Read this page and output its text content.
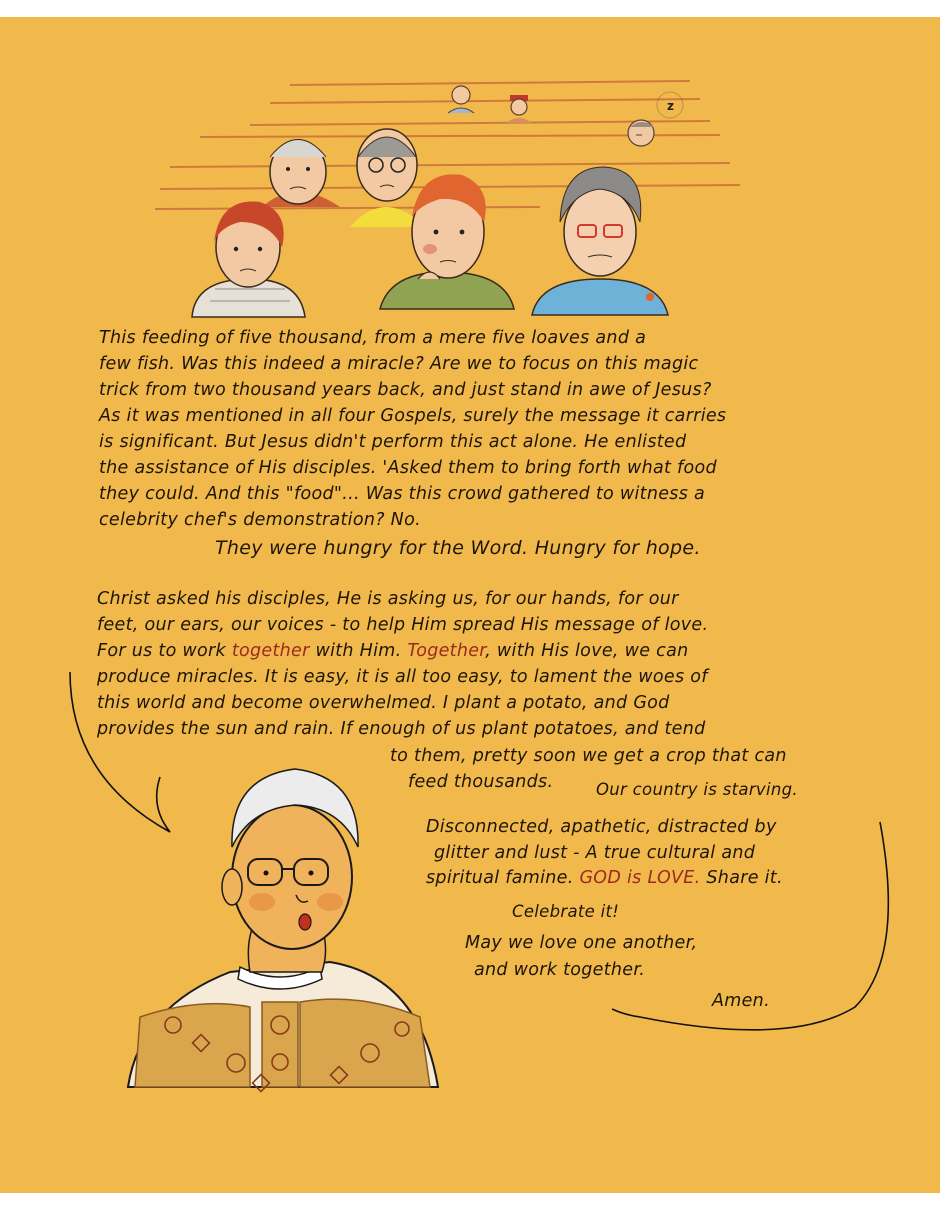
z
This feeding of five thousand, from a mere five loaves and a
few fish. Was this indeed a miracle? Are we to focus on this magic
trick from two thousand years back, and just stand in awe of Jesus?
As it was mentioned in all four Gospels, surely the message it carries
is significant. But Jesus didn't perform this act alone. He enlisted
the assistance of His disciples. 'Asked them to bring forth what food
they could. And this "food"... Was this crowd gathered to witness a
celebrity chef's demonstration? No.
They were hungry for the Word. Hungry for hope.
Christ asked his disciples, He is asking us, for our hands, for our
feet, our ears, our voices - to help Him spread His message of love.
For us to work together with Him. Together, with His love, we can
produce miracles. It is easy, it is all too easy, to lament the woes of
this world and become overwhelmed. I plant a potato, and God
provides the sun and rain. If enough of us plant potatoes, and tend
to them, pretty soon we get a crop that can
feed thousands.	Our country is starving.
Disconnected, apathetic, distracted by
glitter and lust - A true cultural and
spiritual famine. GOD is LOVE. Share it.
Celebrate it!
May we love one another,
and work together.
Amen.
